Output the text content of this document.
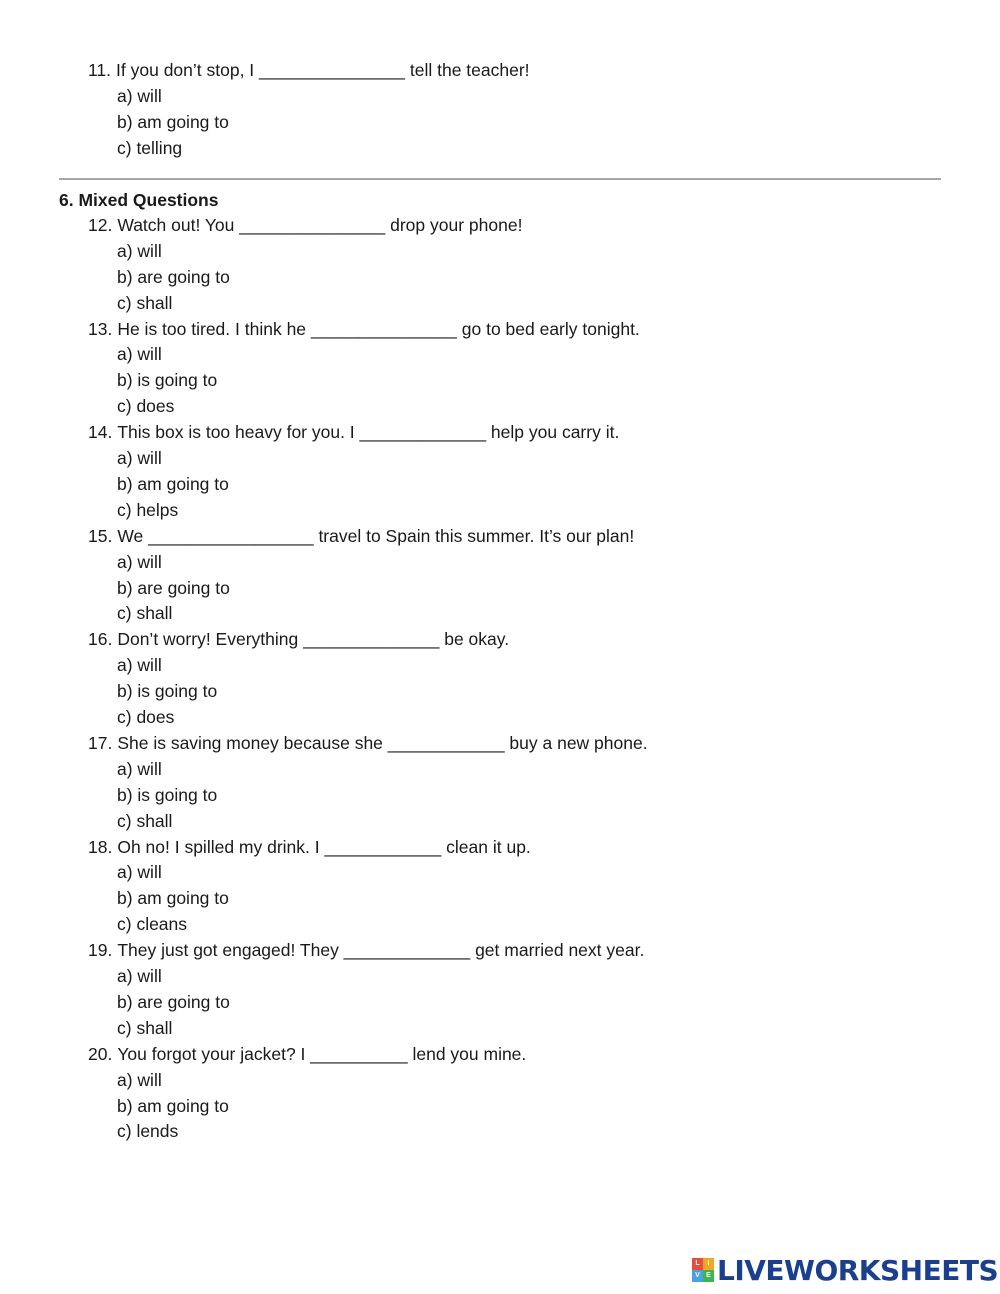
11. If you don’t stop, I _______________ tell the teacher!
a) will
b) am going to
c) telling
6. Mixed Questions
12. Watch out! You _______________ drop your phone!
a) will
b) are going to
c) shall
13. He is too tired. I think he _______________ go to bed early tonight.
a) will
b) is going to
c) does
14. This box is too heavy for you. I _____________ help you carry it.
a) will
b) am going to
c) helps
15. We _________________ travel to Spain this summer. It’s our plan!
a) will
b) are going to
c) shall
16. Don’t worry! Everything ______________ be okay.
a) will
b) is going to
c) does
17. She is saving money because she ____________ buy a new phone.
a) will
b) is going to
c) shall
18. Oh no! I spilled my drink. I ____________ clean it up.
a) will
b) am going to
c) cleans
19. They just got engaged! They _____________ get married next year.
a) will
b) are going to
c) shall
20. You forgot your jacket? I __________ lend you mine.
a) will
b) am going to
c) lends
L	I
V E LIVEWORKSHEETS
